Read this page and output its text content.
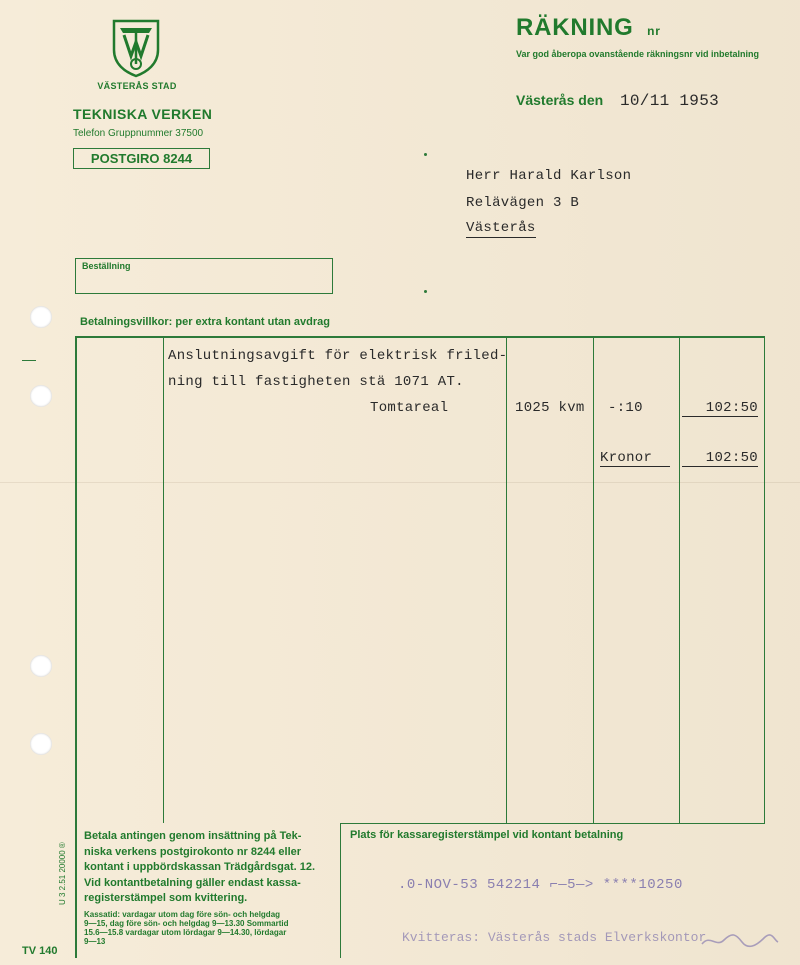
VÄSTERÅS STAD
TEKNISKA VERKEN
Telefon Gruppnummer 37500
POSTGIRO 8244
RÄKNING nr
Var god åberopa ovanstående räkningsnr vid inbetalning
Västerås den 10/11 1953
Herr Harald Karlson
Relävägen 3 B
Västerås
Beställning
Betalningsvillkor: per extra kontant utan avdrag
Anslutningsavgift för elektrisk friled-
ning till fastigheten stä 1071 AT.
Tomtareal	1025 kvm -:10	102:50
Kronor	102:50
Betala antingen genom insättning på Tek-
niska verkens postgirokonto nr 8244 eller
kontant i uppbördskassan Trädgårdsgat. 12.
Vid kontantbetalning gäller endast kassa-
registerstämpel som kvittering.
Kassatid: vardagar utom dag före sön- och helgdag
9—15, dag före sön- och helgdag 9—13.30 Sommartid
15.6—15.8 vardagar utom lördagar 9—14.30, lördagar
9—13
TV 140
U 3 2.51 20000 ®
Plats för kassaregisterstämpel vid kontant betalning
.0-NOV-53 542214 ⌐—5—> ****10250
Kvitteras: Västerås stads Elverkskontor
